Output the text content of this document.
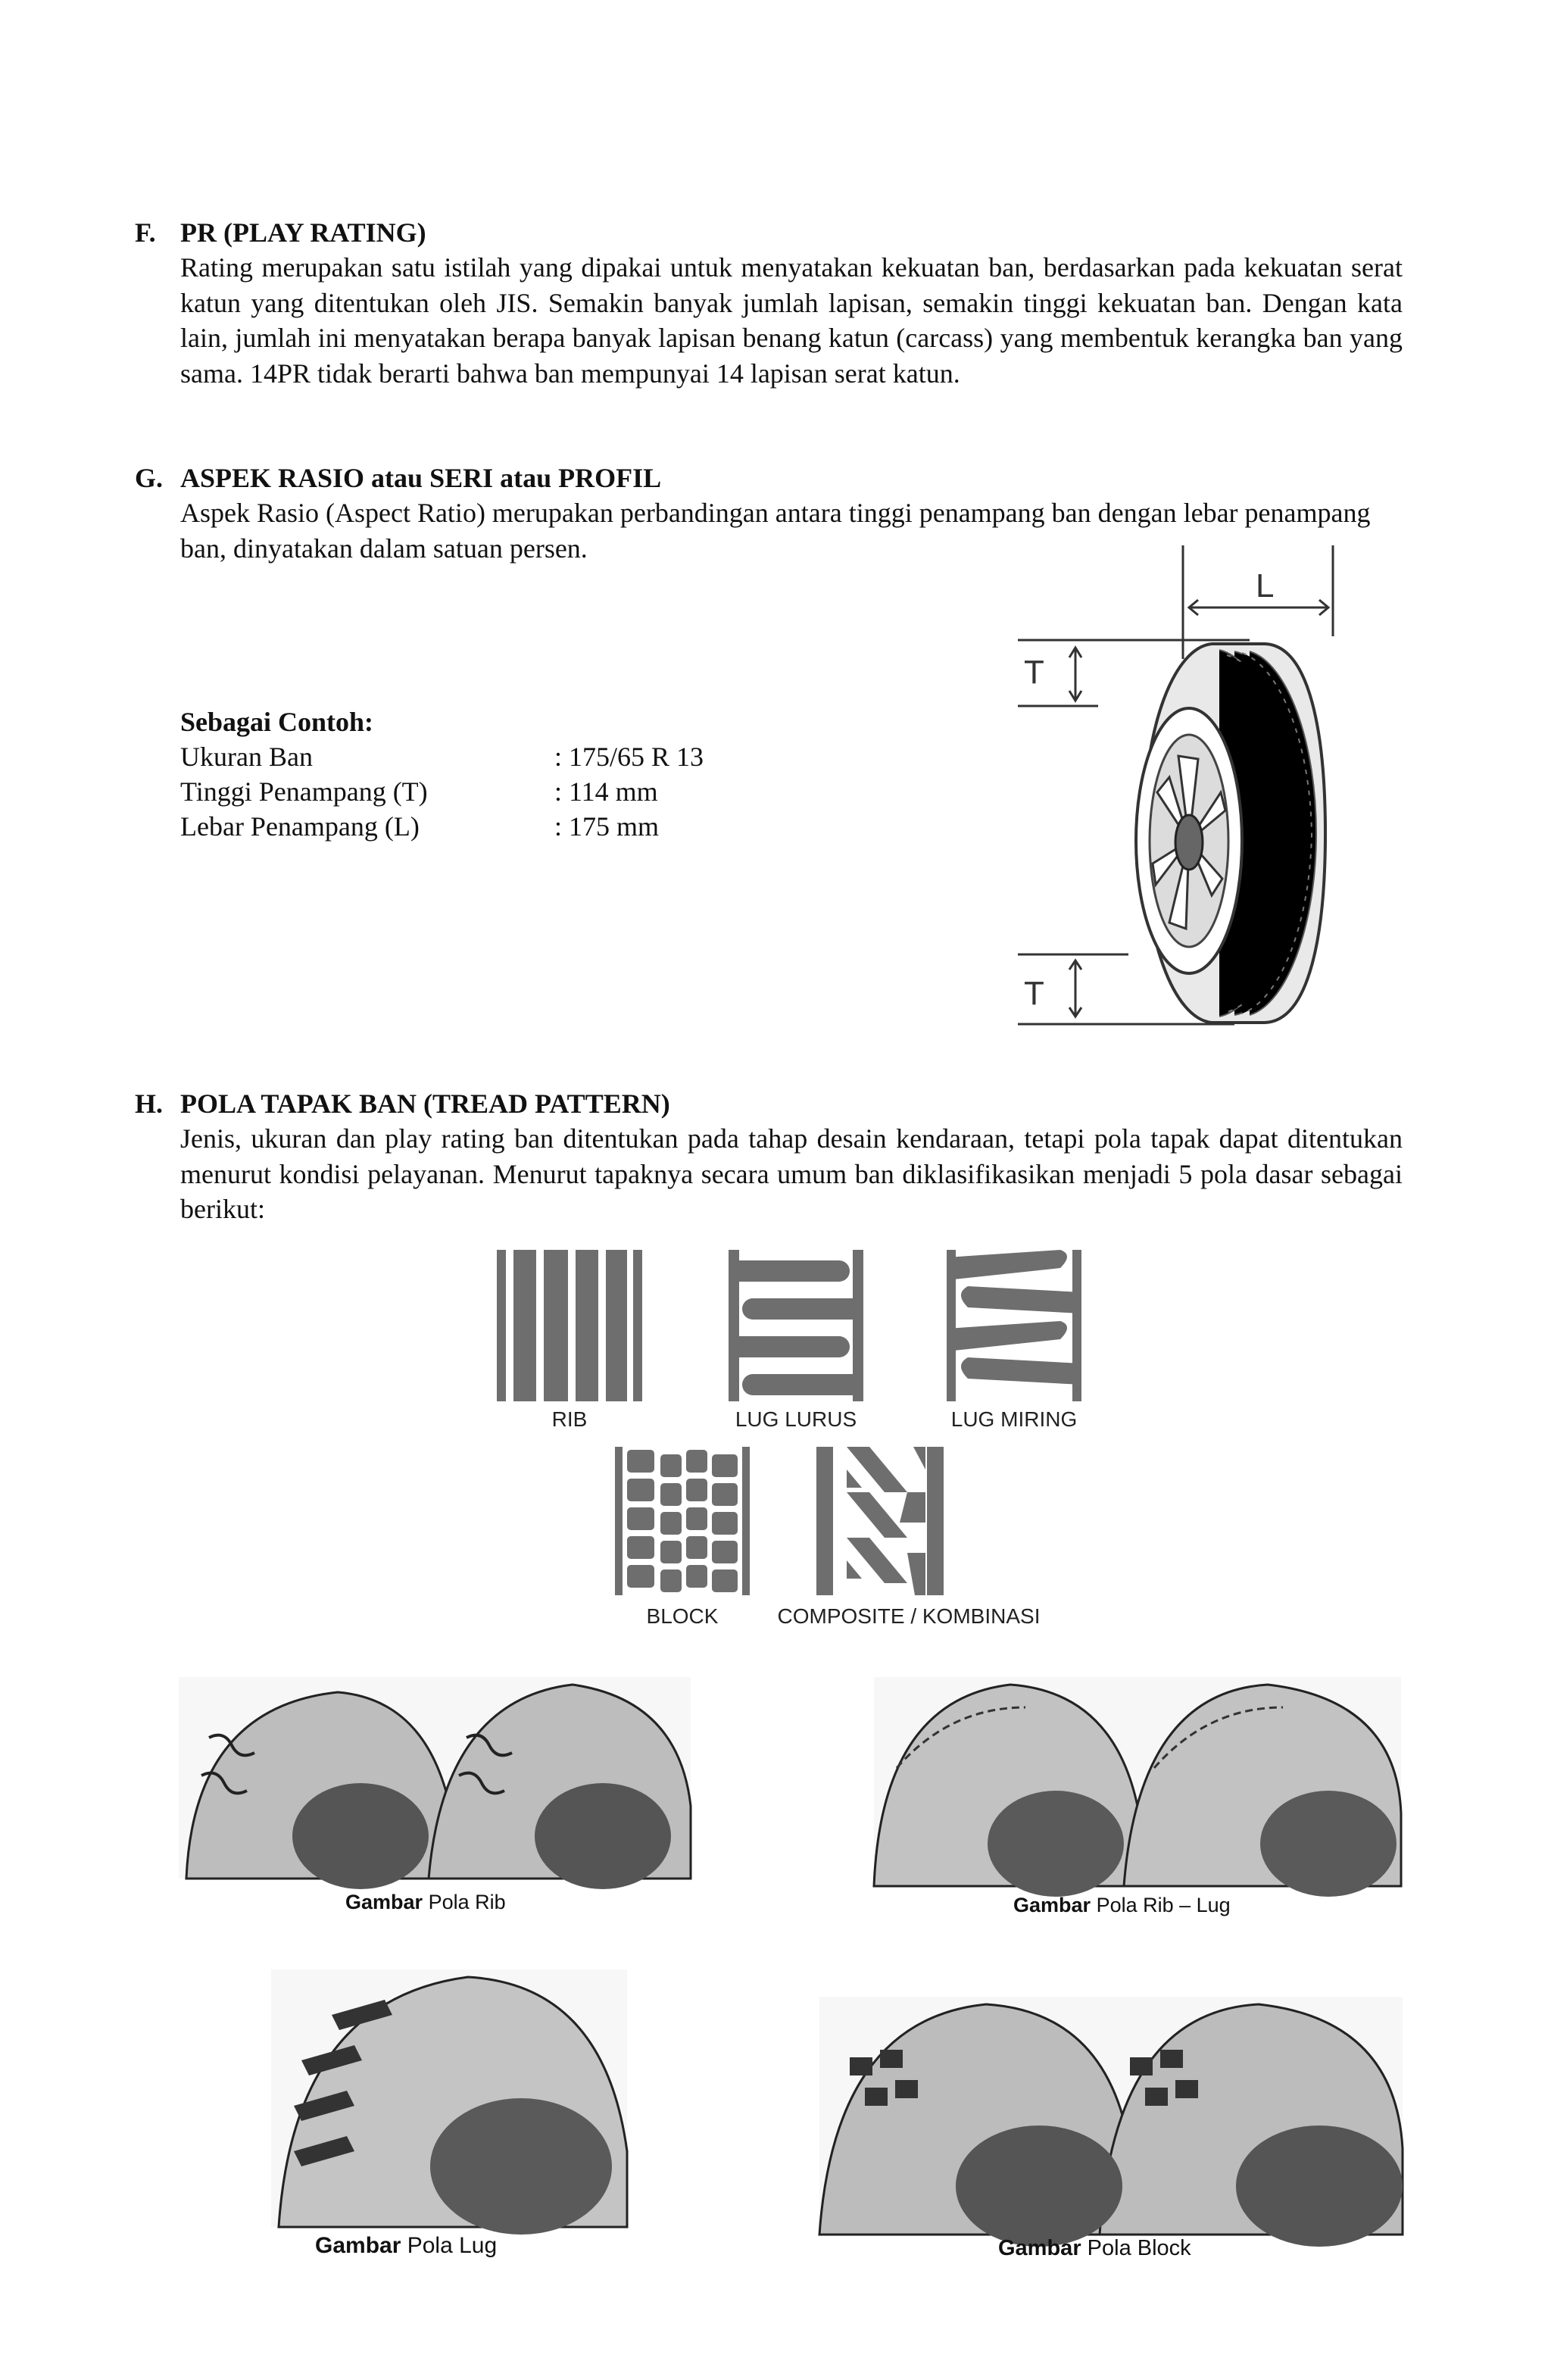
F. PR (PLAY RATING)
Rating merupakan satu istilah yang dipakai untuk menyatakan kekuatan ban, berdasarkan pada kekuatan serat katun yang ditentukan oleh JIS. Semakin banyak jumlah lapisan, semakin tinggi kekuatan ban. Dengan kata lain, jumlah ini menyatakan berapa banyak lapisan benang katun (carcass) yang membentuk kerangka ban yang sama. 14PR tidak berarti bahwa ban mempunyai 14 lapisan serat katun.
G. ASPEK RASIO atau SERI atau PROFIL
Aspek Rasio (Aspect Ratio) merupakan perbandingan antara tinggi penampang ban dengan lebar penampang ban, dinyatakan dalam satuan persen.
Sebagai Contoh:
Ukuran Ban	: 175/65 R 13
Tinggi Penampang (T)	: 114 mm
Lebar Penampang (L)	: 175 mm
L
T
T
H. POLA TAPAK BAN (TREAD PATTERN)
Jenis, ukuran dan play rating ban ditentukan pada tahap desain kendaraan, tetapi pola tapak dapat ditentukan menurut kondisi pelayanan. Menurut tapaknya secara umum ban diklasifikasikan menjadi 5 pola dasar sebagai berikut:
RIB	LUG LURUS	LUG MIRING
BLOCK	COMPOSITE / KOMBINASI
Gambar Pola Rib	Gambar Pola Rib – Lug
Gambar Pola Lug	Gambar Pola Block
